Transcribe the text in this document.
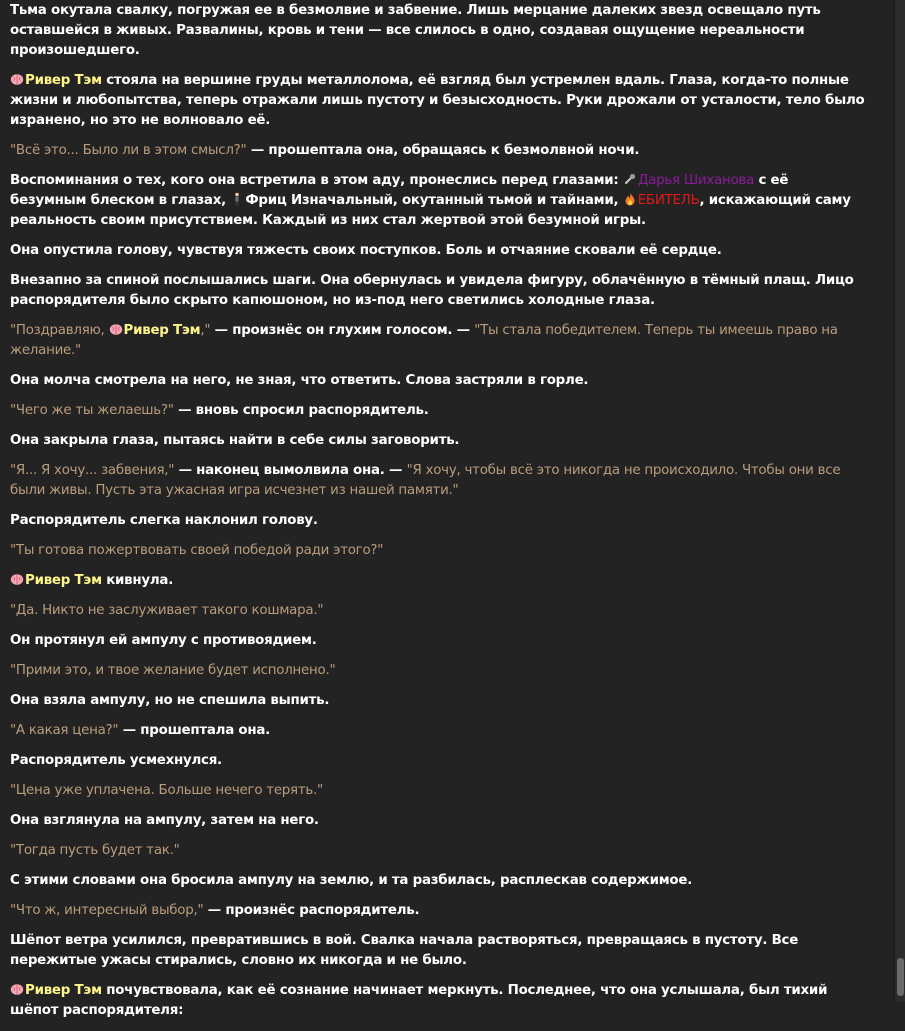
Тьма окутала свалку, погружая ее в безмолвие и забвение. Лишь мерцание далеких звезд освещало путь оставшейся в живых. Развалины, кровь и тени — все слилось в одно, создавая ощущение нереальности произошедшего.

Ривер Тэм стояла на вершине груды металлолома, её взгляд был устремлен вдаль. Глаза, когда-то полные жизни и любопытства, теперь отражали лишь пустоту и безысходность. Руки дрожали от усталости, тело было изранено, но это не волновало её.

"Всё это... Было ли в этом смысл?" — прошептала она, обращаясь к безмолвной ночи.

Воспоминания о тех, кого она встретила в этом аду, пронеслись перед глазами:
Дарья Шиханова с её безумным блеском в глазах,
Фриц Изначальный, окутанный тьмой и тайнами,
ЕБИТЕЛЬ, искажающий саму реальность своим присутствием. Каждый из них стал жертвой этой безумной игры.

Она опустила голову, чувствуя тяжесть своих поступков. Боль и отчаяние сковали её сердце.

Внезапно за спиной послышались шаги. Она обернулась и увидела фигуру, облачённую в тёмный плащ. Лицо распорядителя было скрыто капюшоном, но из-под него светились холодные глаза.

"Поздравляю,
Ривер Тэм," — произнёс он глухим голосом. — "Ты стала победителем. Теперь ты имеешь право на желание."

Она молча смотрела на него, не зная, что ответить. Слова застряли в горле.

"Чего же ты желаешь?" — вновь спросил распорядитель.

Она закрыла глаза, пытаясь найти в себе силы заговорить.

"Я... Я хочу... забвения," — наконец вымолвила она. — "Я хочу, чтобы всё это никогда не происходило. Чтобы они все были живы. Пусть эта ужасная игра исчезнет из нашей памяти."

Распорядитель слегка наклонил голову.

"Ты готова пожертвовать своей победой ради этого?"

Ривер Тэм кивнула.

"Да. Никто не заслуживает такого кошмара."

Он протянул ей ампулу с противоядием.

"Прими это, и твое желание будет исполнено."

Она взяла ампулу, но не спешила выпить.

"А какая цена?" — прошептала она.

Распорядитель усмехнулся.

"Цена уже уплачена. Больше нечего терять."

Она взглянула на ампулу, затем на него.

"Тогда пусть будет так."

С этими словами она бросила ампулу на землю, и та разбилась, расплескав содержимое.

"Что ж, интересный выбор," — произнёс распорядитель.

Шёпот ветра усилился, превратившись в вой. Свалка начала растворяться, превращаясь в пустоту. Все пережитые ужасы стирались, словно их никогда и не было.

Ривер Тэм почувствовала, как её сознание начинает меркнуть. Последнее, что она услышала, был тихий шёпот распорядителя:
